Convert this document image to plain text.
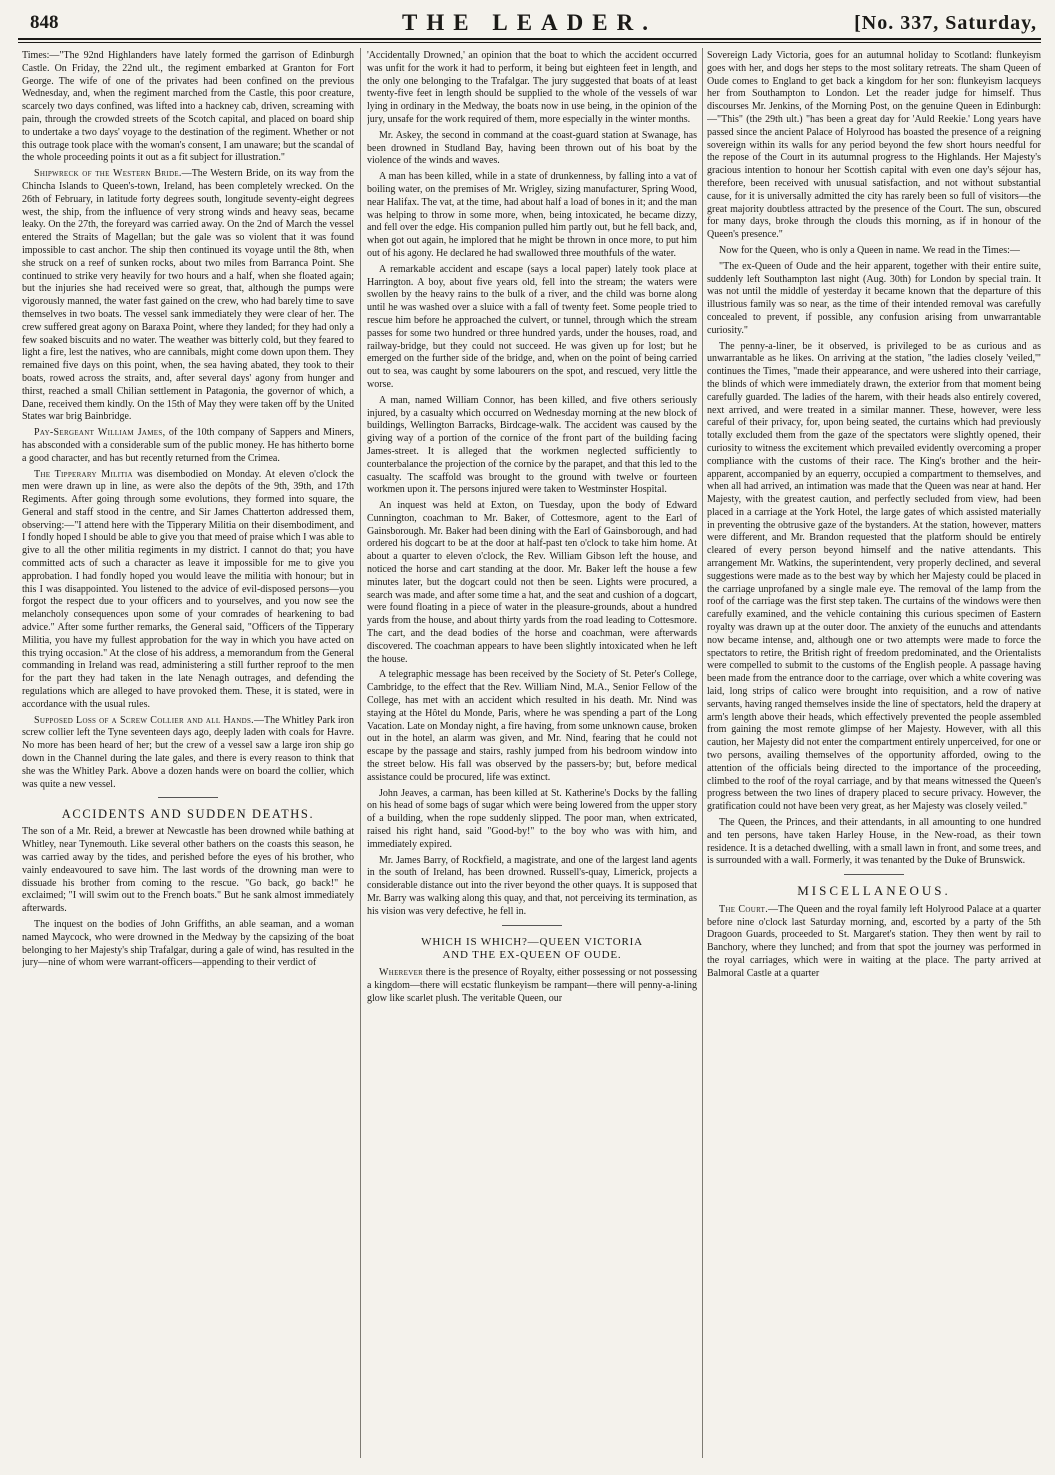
848	THE LEADER.	[No. 337, Saturday,

Times:—"The 92nd Highlanders have lately formed the garrison of Edinburgh Castle. On Friday, the 22nd ult., the regiment embarked at Granton for Fort George. The wife of one of the privates had been confined on the previous Wednesday, and, when the regiment marched from the Castle, this poor creature, scarcely two days confined, was lifted into a hackney cab, driven, screaming with pain, through the crowded streets of the Scotch capital, and placed on board ship to undertake a two days' voyage to the destination of the regiment. Whether or not this outrage took place with the woman's consent, I am unaware; but the scandal of the whole proceeding points it out as a fit subject for illustration."

Shipwreck of the Western Bride.—The Western Bride, on its way from the Chincha Islands to Queen's-town, Ireland, has been completely wrecked. On the 26th of February, in latitude forty degrees south, longitude seventy-eight degrees west, the ship, from the influence of very strong winds and heavy seas, became leaky. On the 27th, the foreyard was carried away. On the 2nd of March the vessel entered the Straits of Magellan; but the gale was so violent that it was found impossible to cast anchor. The ship then continued its voyage until the 8th, when she struck on a reef of sunken rocks, about two miles from Barranca Point. She continued to strike very heavily for two hours and a half, when she floated again; but the injuries she had received were so great, that, although the pumps were vigorously manned, the water fast gained on the crew, who had barely time to save themselves in two boats. The vessel sank immediately they were clear of her. The crew suffered great agony on Baraxa Point, where they landed; for they had only a few soaked biscuits and no water. The weather was bitterly cold, but they feared to light a fire, lest the natives, who are cannibals, might come down upon them. They remained five days on this point, when, the sea having abated, they took to their boats, rowed across the straits, and, after several days' agony from hunger and thirst, reached a small Chilian settlement in Patagonia, the governor of which, a Dane, received them kindly. On the 15th of May they were taken off by the United States war brig Bainbridge.

Pay-Sergeant William James, of the 10th company of Sappers and Miners, has absconded with a considerable sum of the public money. He has hitherto borne a good character, and has but recently returned from the Crimea.

The Tipperary Militia was disembodied on Monday. At eleven o'clock the men were drawn up in line, as were also the depôts of the 9th, 39th, and 17th Regiments. After going through some evolutions, they formed into square, the General and staff stood in the centre, and Sir James Chatterton addressed them, observing:—"I attend here with the Tipperary Militia on their disembodiment, and I fondly hoped I should be able to give you that meed of praise which I was able to give to all the other militia regiments in my district. I cannot do that; you have committed acts of such a character as leave it impossible for me to give you approbation. I had fondly hoped you would leave the militia with honour; but in this I was disappointed. You listened to the advice of evil-disposed persons—you forgot the respect due to your officers and to yourselves, and you now see the melancholy consequences upon some of your comrades of hearkening to bad advice." After some further remarks, the General said, "Officers of the Tipperary Militia, you have my fullest approbation for the way in which you have acted on this trying occasion." At the close of his address, a memorandum from the General commanding in Ireland was read, administering a still further reproof to the men for the part they had taken in the late Nenagh outrages, and defending the regulations which are alleged to have provoked them. These, it is stated, were in accordance with the usual rules.

Supposed Loss of a Screw Collier and all Hands.—The Whitley Park iron screw collier left the Tyne seventeen days ago, deeply laden with coals for Havre. No more has been heard of her; but the crew of a vessel saw a large iron ship go down in the Channel during the late gales, and there is every reason to think that she was the Whitley Park. Above a dozen hands were on board the collier, which was quite a new vessel.

ACCIDENTS AND SUDDEN DEATHS.

The son of a Mr. Reid, a brewer at Newcastle has been drowned while bathing at Whitley, near Tynemouth. Like several other bathers on the coasts this season, he was carried away by the tides, and perished before the eyes of his brother, who vainly endeavoured to save him. The last words of the drowning man were to dissuade his brother from coming to the rescue. "Go back, go back!" he exclaimed; "I will swim out to the French boats." But he sank almost immediately afterwards.

The inquest on the bodies of John Griffiths, an able seaman, and a woman named Maycock, who were drowned in the Medway by the capsizing of the boat belonging to her Majesty's ship Trafalgar, during a gale of wind, has resulted in the jury—nine of whom were warrant-officers—appending to their verdict of

'Accidentally Drowned,' an opinion that the boat to which the accident occurred was unfit for the work it had to perform, it being but eighteen feet in length, and the only one belonging to the Trafalgar. The jury suggested that boats of at least twenty-five feet in length should be supplied to the whole of the vessels of war lying in ordinary in the Medway, the boats now in use being, in the opinion of the jury, unsafe for the work required of them, more especially in the winter months.

Mr. Askey, the second in command at the coast-guard station at Swanage, has been drowned in Studland Bay, having been thrown out of his boat by the violence of the winds and waves.

A man has been killed, while in a state of drunkenness, by falling into a vat of boiling water, on the premises of Mr. Wrigley, sizing manufacturer, Spring Wood, near Halifax. The vat, at the time, had about half a load of bones in it; and the man was helping to throw in some more, when, being intoxicated, he became dizzy, and fell over the edge. His companion pulled him partly out, but he fell back, and, when got out again, he implored that he might be thrown in once more, to put him out of his agony. He declared he had swallowed three mouthfuls of the water.

A remarkable accident and escape (says a local paper) lately took place at Harrington. A boy, about five years old, fell into the stream; the waters were swollen by the heavy rains to the bulk of a river, and the child was borne along until he was washed over a sluice with a fall of twenty feet. Some people tried to rescue him before he approached the culvert, or tunnel, through which the stream passes for some two hundred or three hundred yards, under the houses, road, and railway-bridge, but they could not succeed. He was given up for lost; but he emerged on the further side of the bridge, and, when on the point of being carried out to sea, was caught by some labourers on the spot, and rescued, very little the worse.

A man, named William Connor, has been killed, and five others seriously injured, by a casualty which occurred on Wednesday morning at the new block of buildings, Wellington Barracks, Birdcage-walk. The accident was caused by the giving way of a portion of the cornice of the front part of the building facing James-street. It is alleged that the workmen neglected sufficiently to counterbalance the projection of the cornice by the parapet, and that this led to the casualty. The scaffold was brought to the ground with twelve or fourteen workmen upon it. The persons injured were taken to Westminster Hospital.

An inquest was held at Exton, on Tuesday, upon the body of Edward Cunnington, coachman to Mr. Baker, of Cottesmore, agent to the Earl of Gainsborough. Mr. Baker had been dining with the Earl of Gainsborough, and had ordered his dogcart to be at the door at half-past ten o'clock to take him home. At about a quarter to eleven o'clock, the Rev. William Gibson left the house, and noticed the horse and cart standing at the door. Mr. Baker left the house a few minutes later, but the dogcart could not then be seen. Lights were procured, a search was made, and after some time a hat, and the seat and cushion of a dogcart, were found floating in a piece of water in the pleasure-grounds, about a hundred yards from the house, and about thirty yards from the road leading to Cottesmore. The cart, and the dead bodies of the horse and coachman, were afterwards discovered. The coachman appears to have been slightly intoxicated when he left the house.

A telegraphic message has been received by the Society of St. Peter's College, Cambridge, to the effect that the Rev. William Nind, M.A., Senior Fellow of the College, has met with an accident which resulted in his death. Mr. Nind was staying at the Hôtel du Monde, Paris, where he was spending a part of the Long Vacation. Late on Monday night, a fire having, from some unknown cause, broken out in the hotel, an alarm was given, and Mr. Nind, fearing that he could not escape by the passage and stairs, rashly jumped from his bedroom window into the street below. His fall was observed by the passers-by; but, before medical assistance could be procured, life was extinct.

John Jeaves, a carman, has been killed at St. Katherine's Docks by the falling on his head of some bags of sugar which were being lowered from the upper story of a building, when the rope suddenly slipped. The poor man, when extricated, raised his right hand, said "Good-by!" to the boy who was with him, and immediately expired.

Mr. James Barry, of Rockfield, a magistrate, and one of the largest land agents in the south of Ireland, has been drowned. Russell's-quay, Limerick, projects a considerable distance out into the river beyond the other quays. It is supposed that Mr. Barry was walking along this quay, and that, not perceiving its termination, as his vision was very defective, he fell in.

WHICH IS WHICH?—QUEEN VICTORIA
AND THE EX-QUEEN OF OUDE.

Wherever there is the presence of Royalty, either possessing or not possessing a kingdom—there will ecstatic flunkeyism be rampant—there will penny-a-lining glow like scarlet plush. The veritable Queen, our

Sovereign Lady Victoria, goes for an autumnal holiday to Scotland: flunkeyism goes with her, and dogs her steps to the most solitary retreats. The sham Queen of Oude comes to England to get back a kingdom for her son: flunkeyism lacqueys her from Southampton to London. Let the reader judge for himself. Thus discourses Mr. Jenkins, of the Morning Post, on the genuine Queen in Edinburgh:—"This" (the 29th ult.) "has been a great day for 'Auld Reekie.' Long years have passed since the ancient Palace of Holyrood has boasted the presence of a reigning sovereign within its walls for any period beyond the few short hours needful for the repose of the Court in its autumnal progress to the Highlands. Her Majesty's gracious intention to honour her Scottish capital with even one day's séjour has, therefore, been received with unusual satisfaction, and not without substantial cause, for it is universally admitted the city has rarely been so full of visitors—the great majority doubtless attracted by the presence of the Court. The sun, obscured for many days, broke through the clouds this morning, as if in honour of the Queen's presence."

Now for the Queen, who is only a Queen in name. We read in the Times:—

"The ex-Queen of Oude and the heir apparent, together with their entire suite, suddenly left Southampton last night (Aug. 30th) for London by special train. It was not until the middle of yesterday it became known that the departure of this illustrious family was so near, as the time of their intended removal was carefully concealed to prevent, if possible, any confusion arising from unwarrantable curiosity."

The penny-a-liner, be it observed, is privileged to be as curious and as unwarrantable as he likes. On arriving at the station, "the ladies closely 'veiled,'" continues the Times, "made their appearance, and were ushered into their carriage, the blinds of which were immediately drawn, the exterior from that moment being carefully guarded. The ladies of the harem, with their heads also entirely covered, next arrived, and were treated in a similar manner. These, however, were less careful of their privacy, for, upon being seated, the curtains which had previously totally excluded them from the gaze of the spectators were slightly opened, their curiosity to witness the excitement which prevailed evidently overcoming a proper compliance with the customs of their race. The King's brother and the heir-apparent, accompanied by an equerry, occupied a compartment to themselves, and when all had arrived, an intimation was made that the Queen was near at hand. Her Majesty, with the greatest caution, and perfectly secluded from view, had been placed in a carriage at the York Hotel, the large gates of which assisted materially in preventing the obtrusive gaze of the bystanders. At the station, however, matters were different, and Mr. Brandon requested that the platform should be entirely cleared of every person beyond himself and the native attendants. This arrangement Mr. Watkins, the superintendent, very properly declined, and several suggestions were made as to the best way by which her Majesty could be placed in the carriage unprofaned by a single male eye. The removal of the lamp from the roof of the carriage was the first step taken. The curtains of the windows were then carefully examined, and the vehicle containing this curious specimen of Eastern royalty was drawn up at the outer door. The anxiety of the eunuchs and attendants now became intense, and, although one or two attempts were made to force the spectators to retire, the British right of freedom predominated, and the Orientalists were compelled to submit to the customs of the English people. A passage having been made from the entrance door to the carriage, over which a white covering was laid, long strips of calico were brought into requisition, and a row of native servants, having ranged themselves inside the line of spectators, held the drapery at arm's length above their heads, which effectively prevented the people assembled from gaining the most remote glimpse of her Majesty. However, with all this caution, her Majesty did not enter the compartment entirely unperceived, for one or two persons, availing themselves of the opportunity afforded, owing to the attention of the officials being directed to the importance of the proceeding, climbed to the roof of the royal carriage, and by that means witnessed the Queen's progress between the two lines of drapery placed to secure privacy. However, the gratification could not have been very great, as her Majesty was closely veiled."

The Queen, the Princes, and their attendants, in all amounting to one hundred and ten persons, have taken Harley House, in the New-road, as their town residence. It is a detached dwelling, with a small lawn in front, and some trees, and is surrounded with a wall. Formerly, it was tenanted by the Duke of Brunswick.

MISCELLANEOUS.

The Court.—The Queen and the royal family left Holyrood Palace at a quarter before nine o'clock last Saturday morning, and, escorted by a party of the 5th Dragoon Guards, proceeded to St. Margaret's station. They then went by rail to Banchory, where they lunched; and from that spot the journey was performed in the royal carriages, which were in waiting at the place. The party arrived at Balmoral Castle at a quarter
